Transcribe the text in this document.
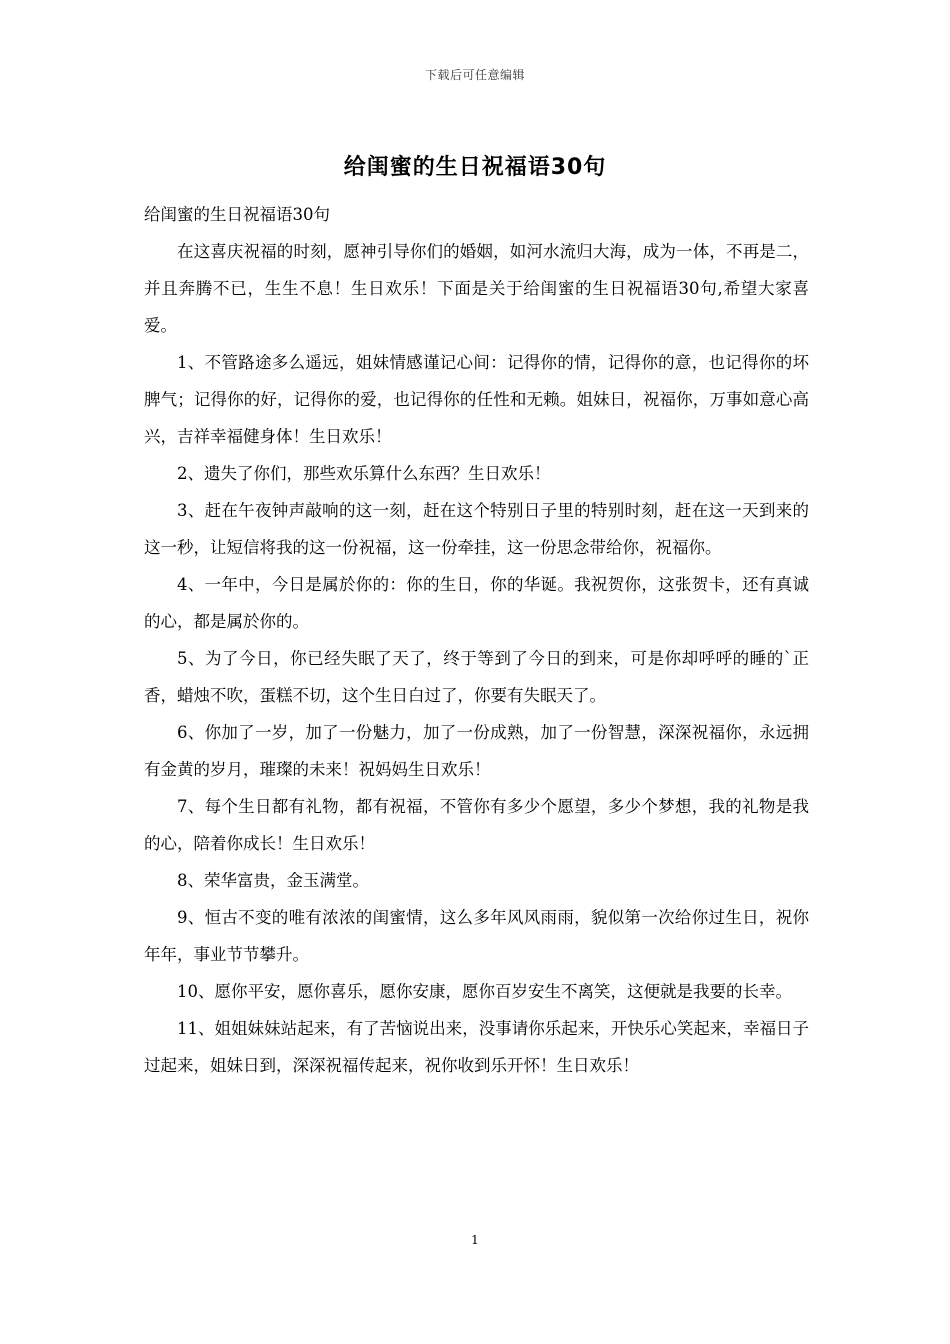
下载后可任意编辑
给闺蜜的生日祝福语30句

给闺蜜的生日祝福语30句

在这喜庆祝福的时刻，愿神引导你们的婚姻，如河水流归大海，成为一体，不再是二，并且奔腾不已，生生不息！生日欢乐！下面是关于给闺蜜的生日祝福语30句,希望大家喜爱。

1、不管路途多么遥远，姐妹情感谨记心间：记得你的情，记得你的意，也记得你的坏脾气；记得你的好，记得你的爱，也记得你的任性和无赖。姐妹日，祝福你，万事如意心高兴，吉祥幸福健身体！生日欢乐！

2、遗失了你们，那些欢乐算什么东西？生日欢乐！

3、赶在午夜钟声敲响的这一刻，赶在这个特别日子里的特别时刻，赶在这一天到来的这一秒，让短信将我的这一份祝福，这一份牵挂，这一份思念带给你，祝福你。

4、一年中，今日是属於你的：你的生日，你的华诞。我祝贺你，这张贺卡，还有真诚的心，都是属於你的。

5、为了今日，你已经失眠了天了，终于等到了今日的到来，可是你却呼呼的睡的`正香，蜡烛不吹，蛋糕不切，这个生日白过了，你要有失眠天了。

6、你加了一岁，加了一份魅力，加了一份成熟，加了一份智慧，深深祝福你，永远拥有金黄的岁月，璀璨的未来！祝妈妈生日欢乐！

7、每个生日都有礼物，都有祝福，不管你有多少个愿望，多少个梦想，我的礼物是我的心，陪着你成长！生日欢乐！

8、荣华富贵，金玉满堂。

9、恒古不变的唯有浓浓的闺蜜情，这么多年风风雨雨，貌似第一次给你过生日，祝你年年，事业节节攀升。

10、愿你平安，愿你喜乐，愿你安康，愿你百岁安生不离笑，这便就是我要的长幸。

11、姐姐妹妹站起来，有了苦恼说出来，没事请你乐起来，开快乐心笑起来，幸福日子过起来，姐妹日到，深深祝福传起来，祝你收到乐开怀！生日欢乐！

1
